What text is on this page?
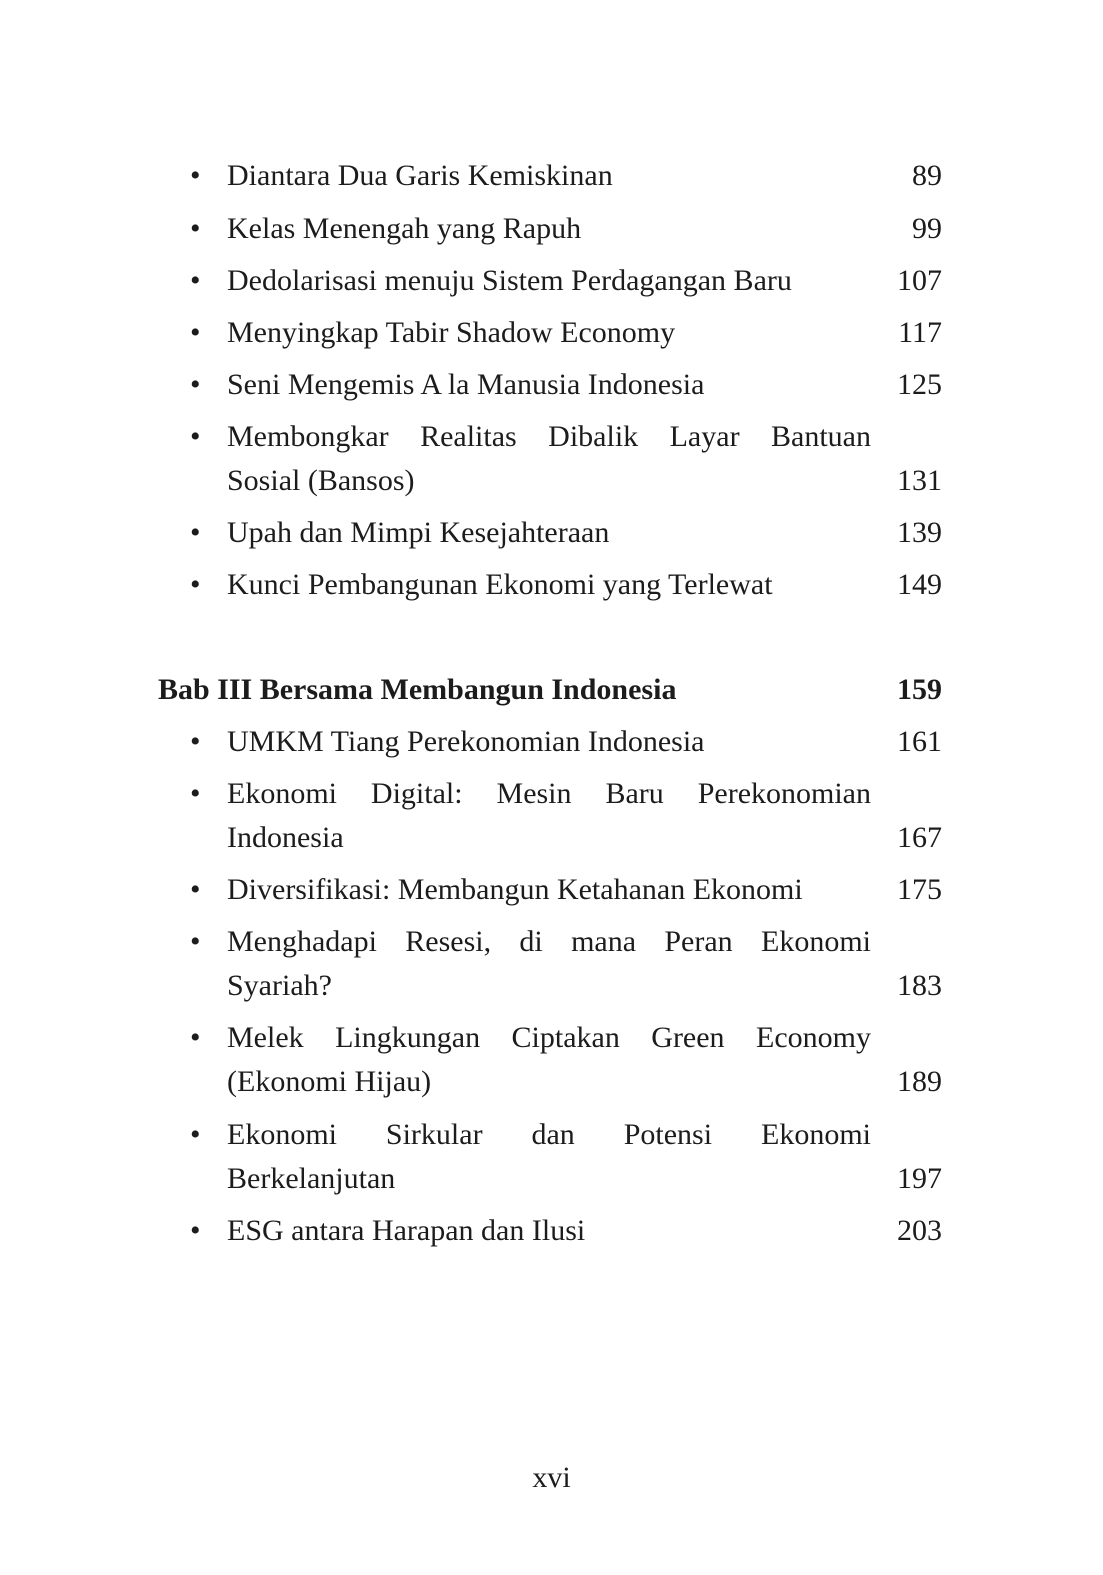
• Diantara Dua Garis Kemiskinan	89
• Kelas Menengah yang Rapuh	99
• Dedolarisasi menuju Sistem Perdagangan Baru	107
• Menyingkap Tabir Shadow Economy	117
• Seni Mengemis A la Manusia Indonesia	125
• Membongkar Realitas Dibalik Layar Bantuan
Sosial (Bansos)	131
• Upah dan Mimpi Kesejahteraan	139
• Kunci Pembangunan Ekonomi yang Terlewat	149
Bab III Bersama Membangun Indonesia	159
• UMKM Tiang Perekonomian Indonesia	161
• Ekonomi Digital: Mesin Baru Perekonomian
Indonesia	167
• Diversifikasi: Membangun Ketahanan Ekonomi	175
• Menghadapi Resesi, di mana Peran Ekonomi
Syariah?	183
• Melek Lingkungan Ciptakan Green Economy
(Ekonomi Hijau)	189
• Ekonomi Sirkular dan Potensi Ekonomi
Berkelanjutan	197
• ESG antara Harapan dan Ilusi	203
xvi
